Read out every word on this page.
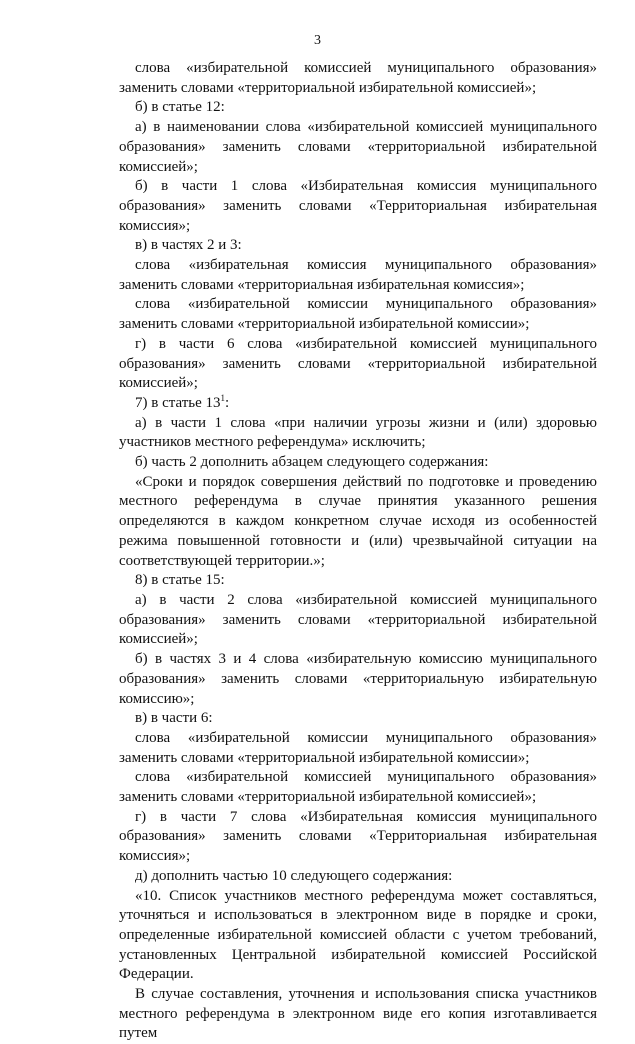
3

слова «избирательной комиссией муниципального образования» заменить словами «территориальной избирательной комиссией»;

б) в статье 12:

а) в наименовании слова «избирательной комиссией муниципального образования» заменить словами «территориальной избирательной комиссией»;

б) в части 1 слова «Избирательная комиссия муниципального образования» заменить словами «Территориальная избирательная комиссия»;

в) в частях 2 и 3:

слова «избирательная комиссия муниципального образования» заменить словами «территориальная избирательная комиссия»;

слова «избирательной комиссии муниципального образования» заменить словами «территориальной избирательной комиссии»;

г) в части 6 слова «избирательной комиссией муниципального образования» заменить словами «территориальной избирательной комиссией»;

7) в статье $13^1$:

а) в части 1 слова «при наличии угрозы жизни и (или) здоровью участников местного референдума» исключить;

б) часть 2 дополнить абзацем следующего содержания:

«Сроки и порядок совершения действий по подготовке и проведению местного референдума в случае принятия указанного решения определяются в каждом конкретном случае исходя из особенностей режима повышенной готовности и (или) чрезвычайной ситуации на соответствующей территории.»;

8) в статье 15:

а) в части 2 слова «избирательной комиссией муниципального образования» заменить словами «территориальной избирательной комиссией»;

б) в частях 3 и 4 слова «избирательную комиссию муниципального образования» заменить словами «территориальную избирательную комиссию»;

в) в части 6:

слова «избирательной комиссии муниципального образования» заменить словами «территориальной избирательной комиссии»;

слова «избирательной комиссией муниципального образования» заменить словами «территориальной избирательной комиссией»;

г) в части 7 слова «Избирательная комиссия муниципального образования» заменить словами «Территориальная избирательная комиссия»;

д) дополнить частью 10 следующего содержания:

«10. Список участников местного референдума может составляться, уточняться и использоваться в электронном виде в порядке и сроки, определенные избирательной комиссией области с учетом требований, установленных Центральной избирательной комиссией Российской Федерации.

В случае составления, уточнения и использования списка участников местного референдума в электронном виде его копия изготавливается путем
